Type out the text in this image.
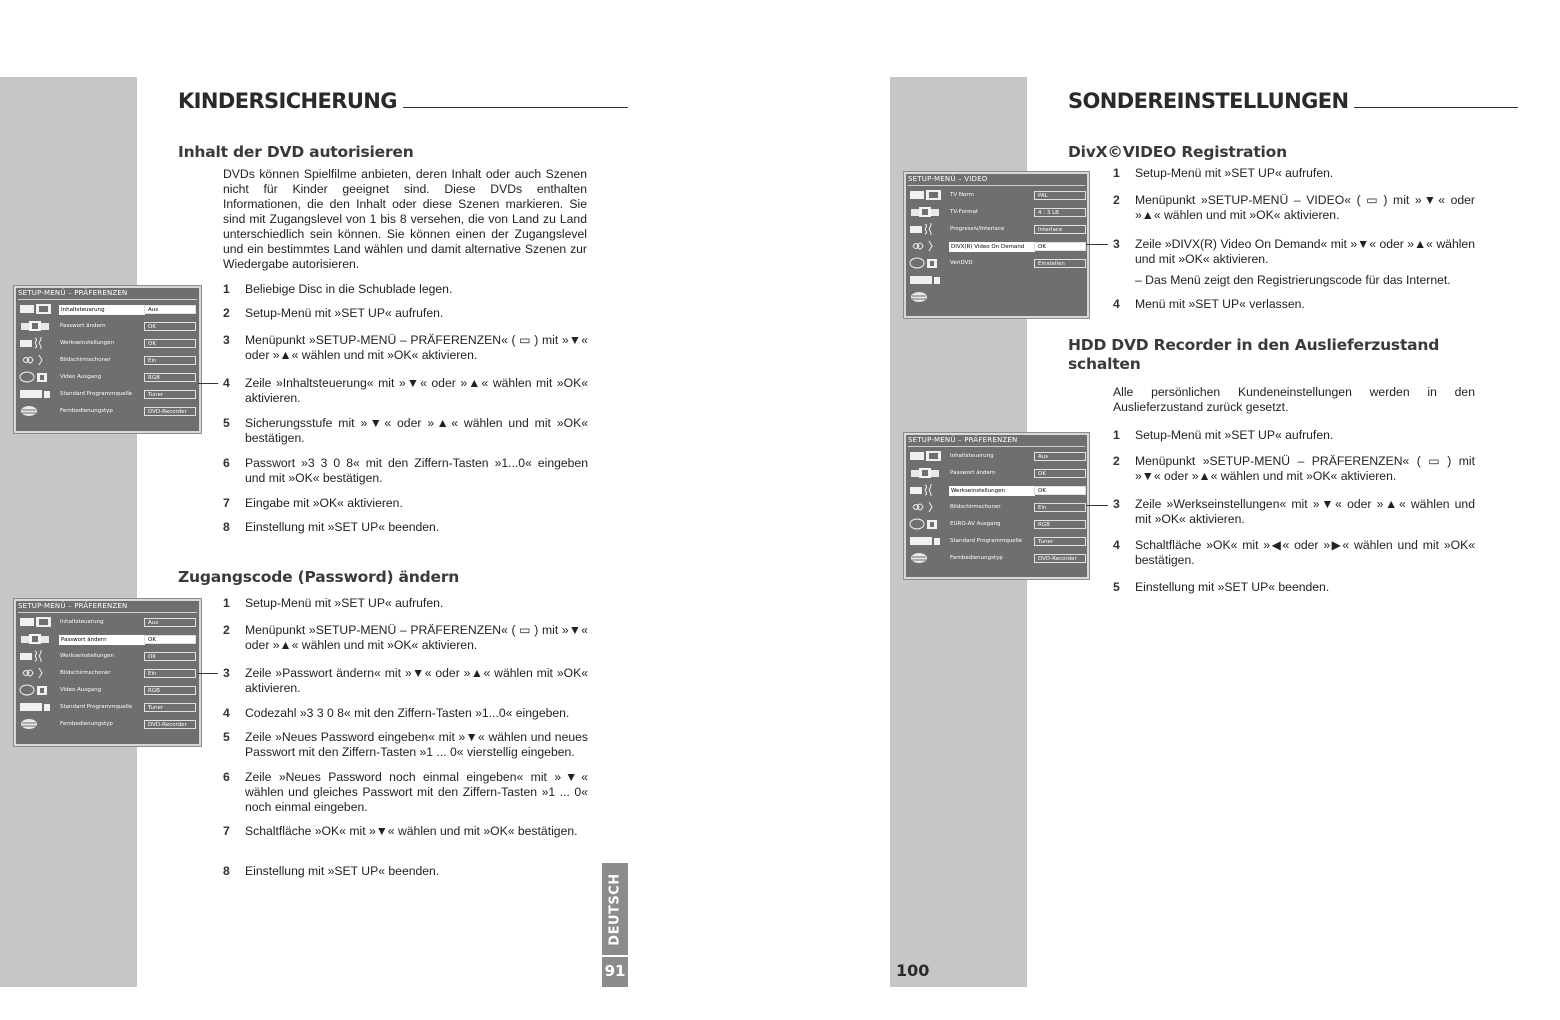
KINDERSICHERUNG
Inhalt der DVD autorisieren
DVDs können Spielfilme anbieten, deren Inhalt oder auch Szenen nicht für Kinder geeignet sind. Diese DVDs enthalten Informationen, die den Inhalt oder diese Szenen markieren. Sie sind mit Zugangslevel von 1 bis 8 versehen, die von Land zu Land unterschiedlich sein können. Sie können einen der Zugangslevel und ein bestimmtes Land wählen und damit alternative Szenen zur Wiedergabe autorisieren.
1	Beliebige Disc in die Schublade legen.
2	Setup-Menü mit »SET UP« aufrufen.
3	Menüpunkt »SETUP-MENÜ – PRÄFERENZEN« ( ▭ ) mit »▼« oder »▲« wählen und mit »OK« aktivieren.
4	Zeile »Inhaltsteuerung« mit »▼« oder »▲« wählen mit »OK« aktivieren.
5	Sicherungsstufe mit »▼« oder »▲« wählen und mit »OK« bestätigen.
6	Passwort »3 3 0 8« mit den Ziffern-Tasten »1...0« eingeben und mit »OK« bestätigen.
7	Eingabe mit »OK« aktivieren.
8	Einstellung mit »SET UP« beenden.
Zugangscode (Password) ändern
1	Setup-Menü mit »SET UP« aufrufen.
2	Menüpunkt »SETUP-MENÜ – PRÄFERENZEN« ( ▭ ) mit »▼« oder »▲« wählen und mit »OK« aktivieren.
3	Zeile »Passwort ändern« mit »▼« oder »▲« wählen mit »OK« aktivieren.
4	Codezahl »3 3 0 8« mit den Ziffern-Tasten »1...0« eingeben.
5	Zeile »Neues Password eingeben« mit »▼« wählen und neues Passwort mit den Ziffern-Tasten »1 ... 0« vierstellig eingeben.
6	Zeile »Neues Password noch einmal eingeben« mit »▼« wählen und gleiches Passwort mit den Ziffern-Tasten »1 ... 0« noch einmal eingeben.
7	Schaltfläche »OK« mit »▼« wählen und mit »OK« bestätigen.
8	Einstellung mit »SET UP« beenden.
SETUP-MENÜ – PRÄFERENZEN
Inhaltsteuerung	Aus
Passwort ändern	OK
Werkseinstellungen	OK
Bildschirmschoner	Ein
Video Ausgang	RGB
Standard Programmquelle	Tuner
Fernbedienungstyp	DVD-Recorder
SETUP-MENÜ – PRÄFERENZEN
Inhaltsteuerung	Aus
Passwort ändern	OK
Werkseinstellungen	OK
Bildschirmschoner	Ein
Video Ausgang	RGB
Standard Programmquelle	Tuner
Fernbedienungstyp	DVD-Recorder
DEUTSCH
91
SONDEREINSTELLUNGEN
DivX©VIDEO Registration
1	Setup-Menü mit »SET UP« aufrufen.
2	Menüpunkt »SETUP-MENÜ – VIDEO« ( ▭ ) mit »▼« oder »▲« wählen und mit »OK« aktivieren.
3	Zeile »DIVX(R) Video On Demand« mit »▼« oder »▲« wählen und mit »OK« aktivieren.
4	Menü mit »SET UP« verlassen.
– Das Menü zeigt den Registrierungscode für das Internet.
HDD DVD Recorder in den Auslieferzustand schalten
Alle persönlichen Kundeneinstellungen werden in den Auslieferzustand zurück gesetzt.
1	Setup-Menü mit »SET UP« aufrufen.
2	Menüpunkt »SETUP-MENÜ – PRÄFERENZEN« ( ▭ ) mit »▼« oder »▲« wählen und mit »OK« aktivieren.
3	Zeile »Werkseinstellungen« mit »▼« oder »▲« wählen und mit »OK« aktivieren.
4	Schaltfläche »OK« mit »◀« oder »▶« wählen und mit »OK« bestätigen.
5	Einstellung mit »SET UP« beenden.
SETUP-MENÜ – VIDEO
TV Norm	PAL
TV-Format	4 : 3 LB
Progressiv/Interlace	Interlace
DIVX(R) Video On Demand	OK
VeriDVD	Einstellen
SETUP-MENÜ – PRÄFERENZEN
Inhaltsteuerung	Aus
Passwort ändern	OK
Werkseinstellungen	OK
Bildschirmschoner	Ein
EURO-AV Ausgang	RGB
Standard Programmquelle	Tuner
Fernbedienungstyp	DVD-Recorder
100
